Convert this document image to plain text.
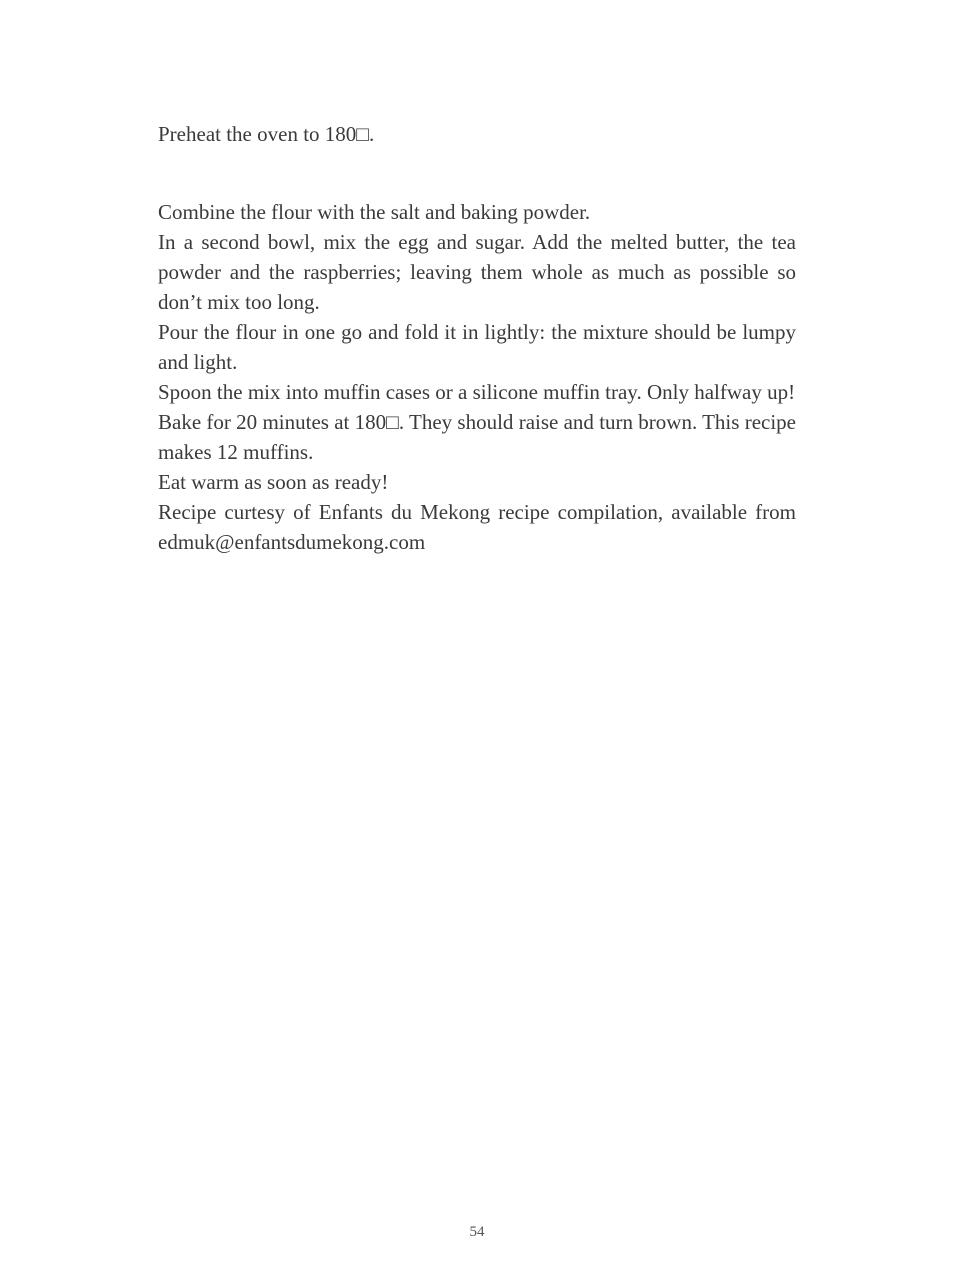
Preheat the oven to 180□.

Combine the flour with the salt and baking powder.

In a second bowl, mix the egg and sugar. Add the melted butter, the tea powder and the raspberries; leaving them whole as much as possible so don’t mix too long.

Pour the flour in one go and fold it in lightly: the mixture should be lumpy and light.

Spoon the mix into muffin cases or a silicone muffin tray. Only halfway up!

Bake for 20 minutes at 180□. They should raise and turn brown. This recipe makes 12 muffins.

Eat warm as soon as ready!

Recipe curtesy of Enfants du Mekong recipe compilation, available from edmuk@enfantsdumekong.com

54
